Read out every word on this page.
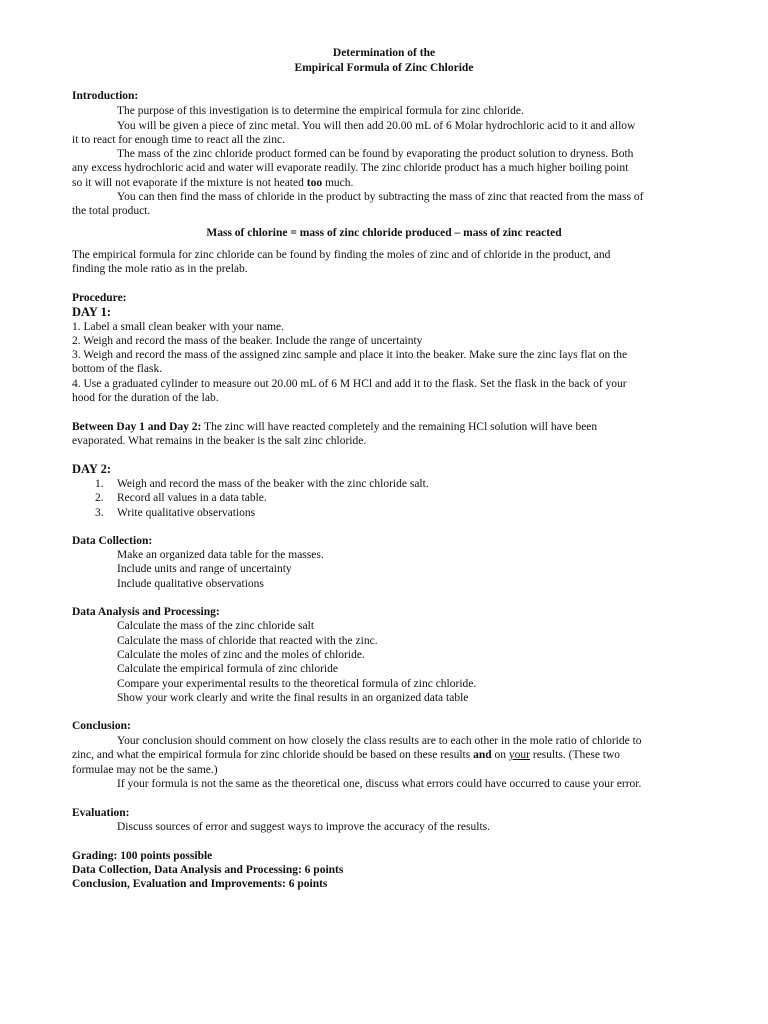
Determination of the
Empirical Formula of Zinc Chloride
Introduction:
The purpose of this investigation is to determine the empirical formula for zinc chloride.
You will be given a piece of zinc metal. You will then add 20.00 mL of 6 Molar hydrochloric acid to it and allow
it to react for enough time to react all the zinc.
The mass of the zinc chloride product formed can be found by evaporating the product solution to dryness. Both
any excess hydrochloric acid and water will evaporate readily. The zinc chloride product has a much higher boiling point
so it will not evaporate if the mixture is not heated too much.
You can then find the mass of chloride in the product by subtracting the mass of zinc that reacted from the mass of
the total product.
Mass of chlorine = mass of zinc chloride produced – mass of zinc reacted
The empirical formula for zinc chloride can be found by finding the moles of zinc and of chloride in the product, and
finding the mole ratio as in the prelab.
Procedure:
DAY 1:
1. Label a small clean beaker with your name.
2. Weigh and record the mass of the beaker. Include the range of uncertainty
3. Weigh and record the mass of the assigned zinc sample and place it into the beaker. Make sure the zinc lays flat on the
bottom of the flask.
4. Use a graduated cylinder to measure out 20.00 mL of 6 M HCl and add it to the flask. Set the flask in the back of your
hood for the duration of the lab.
Between Day 1 and Day 2: The zinc will have reacted completely and the remaining HCl solution will have been
evaporated. What remains in the beaker is the salt zinc chloride.
DAY 2:
1. Weigh and record the mass of the beaker with the zinc chloride salt.
2. Record all values in a data table.
3. Write qualitative observations
Data Collection:
Make an organized data table for the masses.
Include units and range of uncertainty
Include qualitative observations
Data Analysis and Processing:
Calculate the mass of the zinc chloride salt
Calculate the mass of chloride that reacted with the zinc.
Calculate the moles of zinc and the moles of chloride.
Calculate the empirical formula of zinc chloride
Compare your experimental results to the theoretical formula of zinc chloride.
Show your work clearly and write the final results in an organized data table
Conclusion:
Your conclusion should comment on how closely the class results are to each other in the mole ratio of chloride to
zinc, and what the empirical formula for zinc chloride should be based on these results and on your results. (These two
formulae may not be the same.)
If your formula is not the same as the theoretical one, discuss what errors could have occurred to cause your error.
Evaluation:
Discuss sources of error and suggest ways to improve the accuracy of the results.
Grading: 100 points possible
Data Collection, Data Analysis and Processing: 6 points
Conclusion, Evaluation and Improvements: 6 points
